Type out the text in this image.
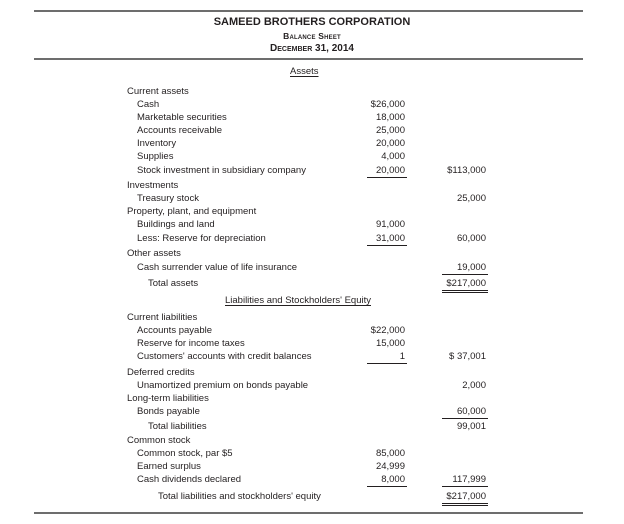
SAMEED BROTHERS CORPORATION
Balance Sheet
December 31, 2014
Assets
Current assets
Cash	$26,000
Marketable securities	18,000
Accounts receivable	25,000
Inventory	20,000
Supplies	4,000
Stock investment in subsidiary company	20,000	$113,000
Investments
Treasury stock	25,000
Property, plant, and equipment
Buildings and land	91,000
Less: Reserve for depreciation	31,000	60,000
Other assets
Cash surrender value of life insurance	19,000
Total assets	$217,000
Liabilities and Stockholders' Equity
Current liabilities
Accounts payable	$22,000
Reserve for income taxes	15,000
Customers' accounts with credit balances	1	$ 37,001
Deferred credits
Unamortized premium on bonds payable	2,000
Long-term liabilities
Bonds payable	60,000
Total liabilities	99,001
Common stock
Common stock, par $5	85,000
Earned surplus	24,999
Cash dividends declared	8,000	117,999
Total liabilities and stockholders' equity	$217,000
